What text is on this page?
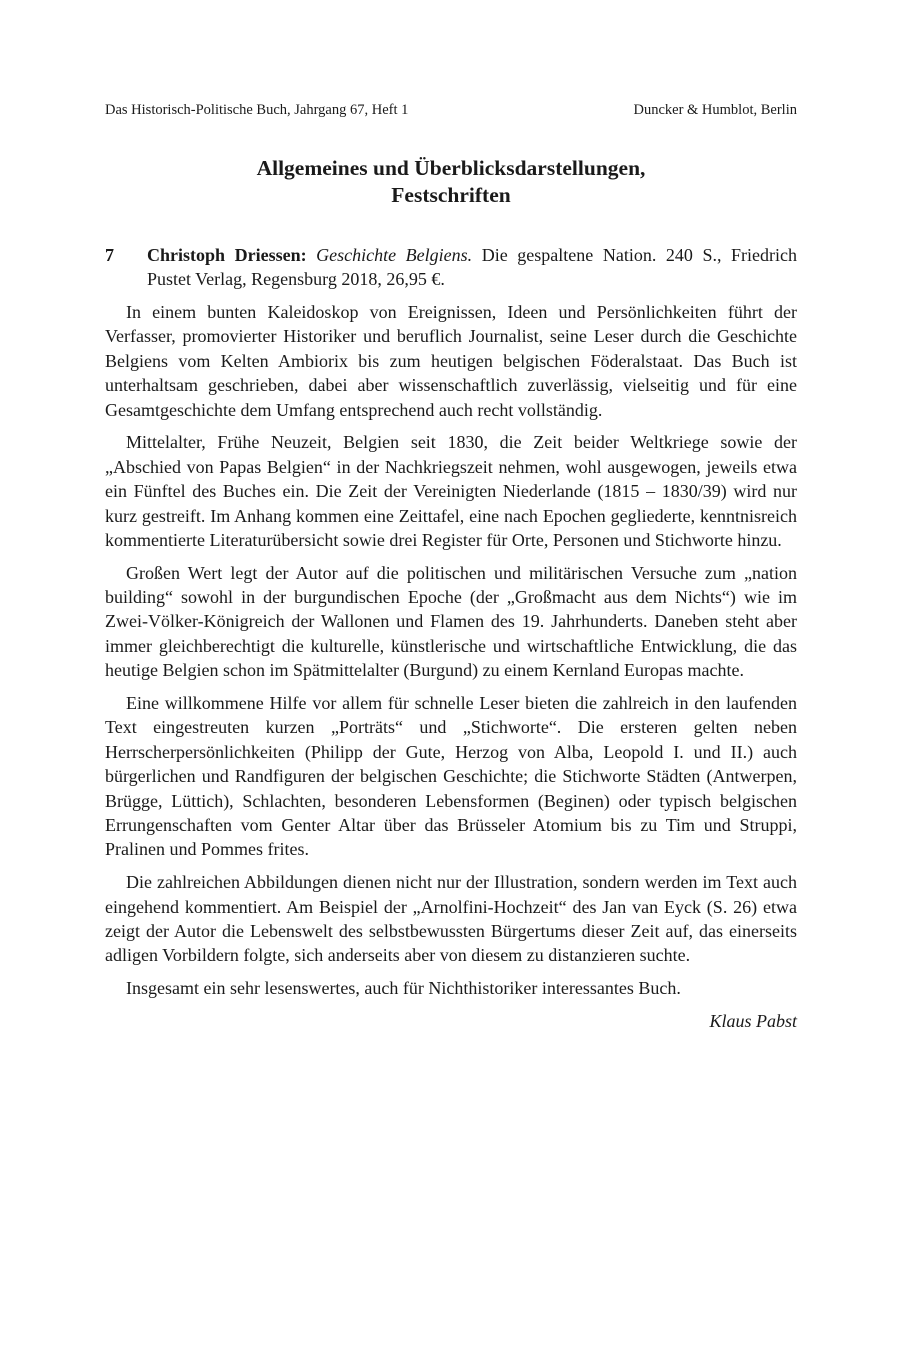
Das Historisch-Politische Buch, Jahrgang 67, Heft 1	Duncker & Humblot, Berlin
Allgemeines und Überblicksdarstellungen,
Festschriften
7 Christoph Driessen: Geschichte Belgiens. Die gespaltene Nation. 240 S., Friedrich Pustet Verlag, Regensburg 2018, 26,95 €.

In einem bunten Kaleidoskop von Ereignissen, Ideen und Persönlichkeiten führt der Verfasser, promovierter Historiker und beruflich Journalist, seine Leser durch die Geschichte Belgiens vom Kelten Ambiorix bis zum heutigen belgischen Föderalstaat. Das Buch ist unterhaltsam geschrieben, dabei aber wissenschaftlich zuverlässig, vielseitig und für eine Gesamtgeschichte dem Umfang entsprechend auch recht vollständig.

Mittelalter, Frühe Neuzeit, Belgien seit 1830, die Zeit beider Weltkriege sowie der „Abschied von Papas Belgien“ in der Nachkriegszeit nehmen, wohl ausgewogen, jeweils etwa ein Fünftel des Buches ein. Die Zeit der Vereinigten Niederlande (1815 – 1830/39) wird nur kurz gestreift. Im Anhang kommen eine Zeittafel, eine nach Epochen gegliederte, kenntnisreich kommentierte Literaturübersicht sowie drei Register für Orte, Personen und Stichworte hinzu.

Großen Wert legt der Autor auf die politischen und militärischen Versuche zum „nation building“ sowohl in der burgundischen Epoche (der „Großmacht aus dem Nichts“) wie im Zwei-Völker-Königreich der Wallonen und Flamen des 19. Jahrhunderts. Daneben steht aber immer gleichberechtigt die kulturelle, künstlerische und wirtschaftliche Entwicklung, die das heutige Belgien schon im Spätmittelalter (Burgund) zu einem Kernland Europas machte.

Eine willkommene Hilfe vor allem für schnelle Leser bieten die zahlreich in den laufenden Text eingestreuten kurzen „Porträts“ und „Stichworte“. Die ersteren gelten neben Herrscherpersönlichkeiten (Philipp der Gute, Herzog von Alba, Leopold I. und II.) auch bürgerlichen und Randfiguren der belgischen Geschichte; die Stichworte Städten (Antwerpen, Brügge, Lüttich), Schlachten, besonderen Lebensformen (Beginen) oder typisch belgischen Errungenschaften vom Genter Altar über das Brüsseler Atomium bis zu Tim und Struppi, Pralinen und Pommes frites.

Die zahlreichen Abbildungen dienen nicht nur der Illustration, sondern werden im Text auch eingehend kommentiert. Am Beispiel der „Arnolfini-Hochzeit“ des Jan van Eyck (S. 26) etwa zeigt der Autor die Lebenswelt des selbstbewussten Bürgertums dieser Zeit auf, das einerseits adligen Vorbildern folgte, sich anderseits aber von diesem zu distanzieren suchte.

Insgesamt ein sehr lesenswertes, auch für Nichthistoriker interessantes Buch.

Klaus Pabst
